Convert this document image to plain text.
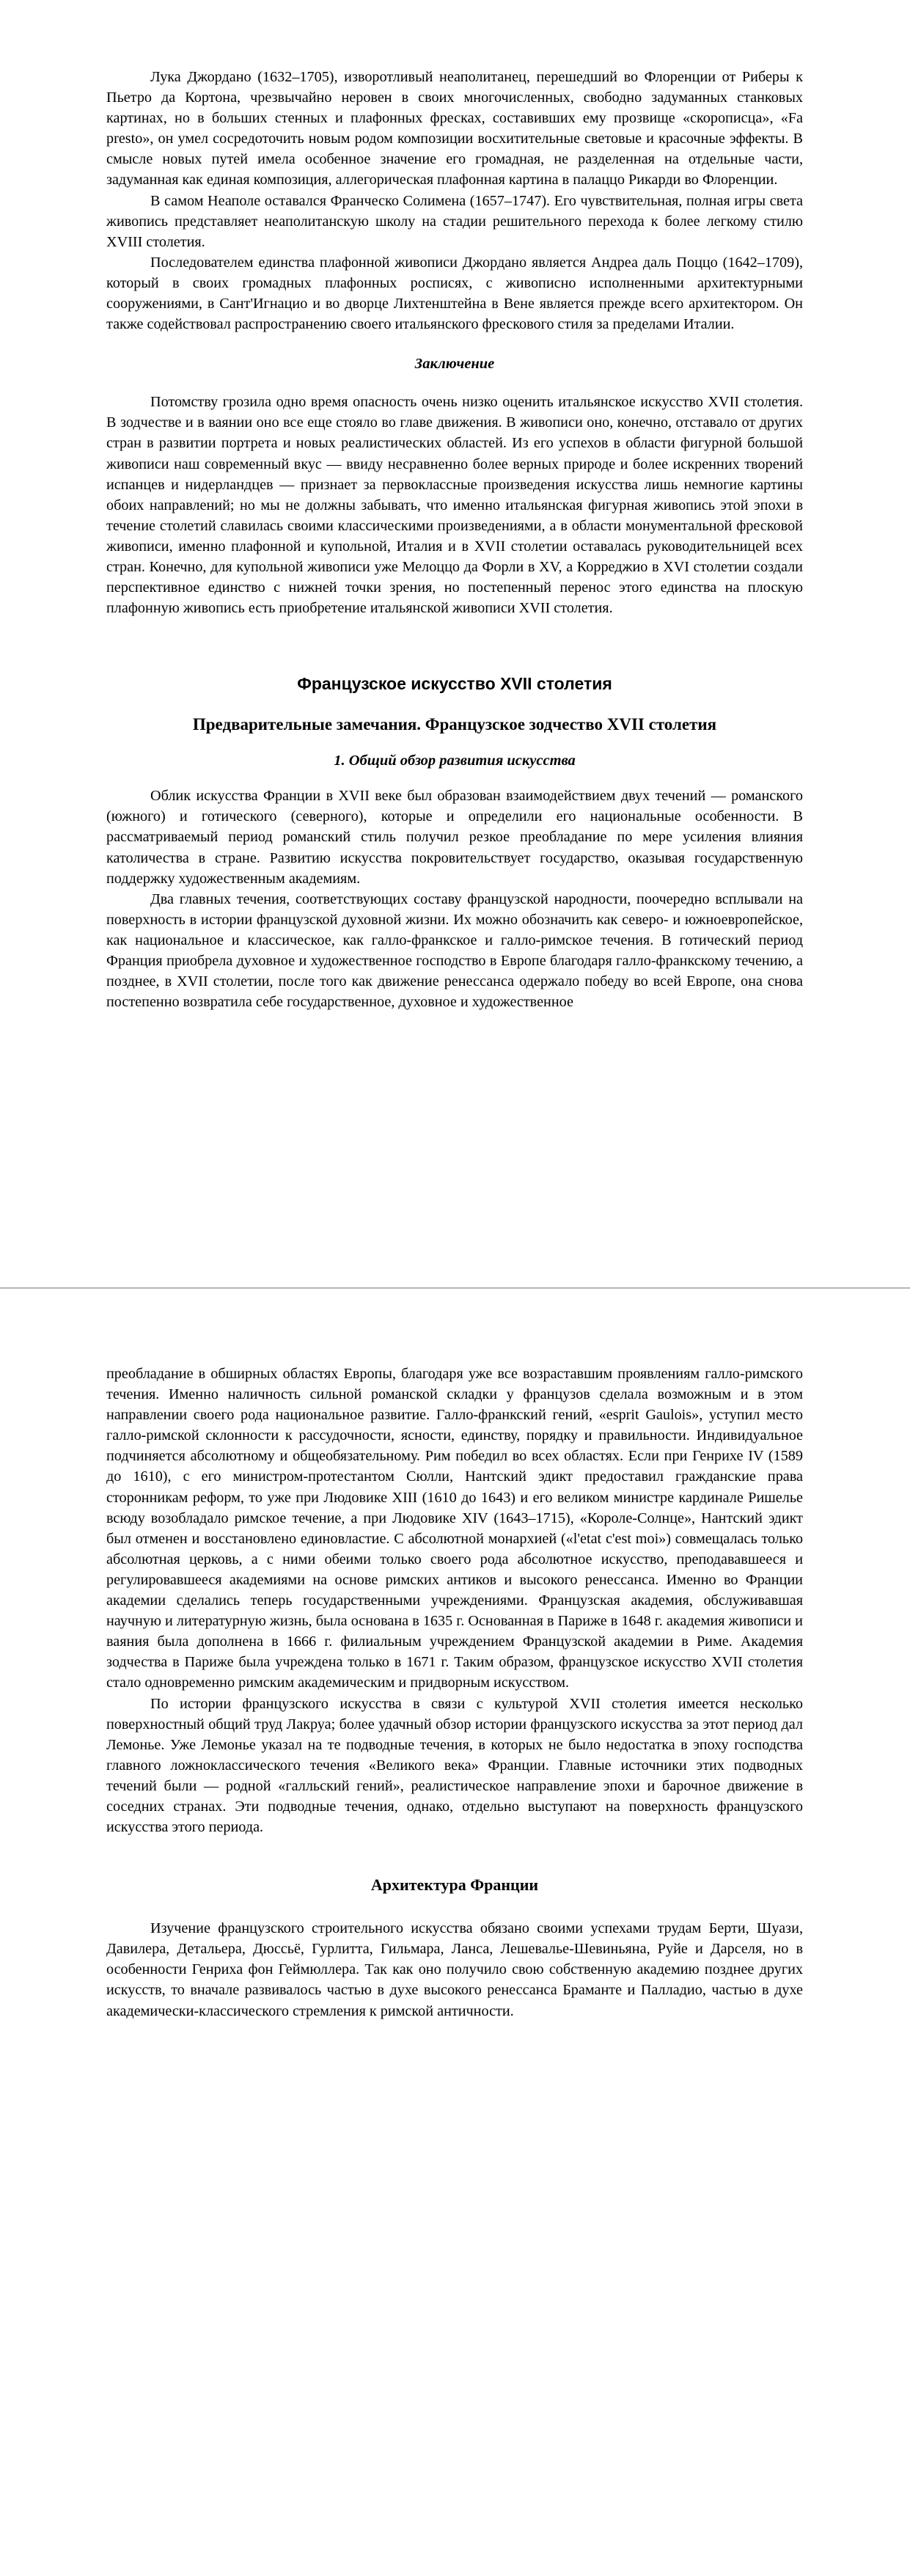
Лука Джордано (1632–1705), изворотливый неаполитанец, перешедший во Флоренции от Риберы к Пьетро да Кортона, чрезвычайно неровен в своих многочисленных, свободно задуманных станковых картинах, но в больших стенных и плафонных фресках, составивших ему прозвище «скорописца», «Fa presto», он умел сосредоточить новым родом композиции восхитительные световые и красочные эффекты. В смысле новых путей имела особенное значение его громадная, не разделенная на отдельные части, задуманная как единая композиция, аллегорическая плафонная картина в палаццо Рикарди во Флоренции.

В самом Неаполе оставался Франческо Солимена (1657–1747). Его чувствительная, полная игры света живопись представляет неаполитанскую школу на стадии решительного перехода к более легкому стилю XVIII столетия.

Последователем единства плафонной живописи Джордано является Андреа даль Поццо (1642–1709), который в своих громадных плафонных росписях, с живописно исполненными архитектурными сооружениями, в Сант'Игнацио и во дворце Лихтенштейна в Вене является прежде всего архитектором. Он также содействовал распространению своего итальянского фрескового стиля за пределами Италии.

Заключение

Потомству грозила одно время опасность очень низко оценить итальянское искусство XVII столетия. В зодчестве и в ваянии оно все еще стояло во главе движения. В живописи оно, конечно, отставало от других стран в развитии портрета и новых реалистических областей. Из его успехов в области фигурной большой живописи наш современный вкус — ввиду несравненно более верных природе и более искренних творений испанцев и нидерландцев — признает за первоклассные произведения искусства лишь немногие картины обоих направлений; но мы не должны забывать, что именно итальянская фигурная живопись этой эпохи в течение столетий славилась своими классическими произведениями, а в области монументальной фресковой живописи, именно плафонной и купольной, Италия и в XVII столетии оставалась руководительницей всех стран. Конечно, для купольной живописи уже Мелоццо да Форли в XV, а Корреджио в XVI столетии создали перспективное единство с нижней точки зрения, но постепенный перенос этого единства на плоскую плафонную живопись есть приобретение итальянской живописи XVII столетия.

Французское искусство XVII столетия
Предварительные замечания. Французское зодчество XVII столетия
1. Общий обзор развития искусства

Облик искусства Франции в XVII веке был образован взаимодействием двух течений — романского (южного) и готического (северного), которые и определили его национальные особенности. В рассматриваемый период романский стиль получил резкое преобладание по мере усиления влияния католичества в стране. Развитию искусства покровительствует государство, оказывая государственную поддержку художественным академиям.

Два главных течения, соответствующих составу французской народности, поочередно всплывали на поверхность в истории французской духовной жизни. Их можно обозначить как северо- и южноевропейское, как национальное и классическое, как галло-франкское и галло-римское течения. В готический период Франция приобрела духовное и художественное господство в Европе благодаря галло-франкскому течению, а позднее, в XVII столетии, после того как движение ренессанса одержало победу во всей Европе, она снова постепенно возвратила себе государственное, духовное и художественное

преобладание в обширных областях Европы, благодаря уже все возраставшим проявлениям галло-римского течения. Именно наличность сильной романской складки у французов сделала возможным и в этом направлении своего рода национальное развитие. Галло-франкский гений, «esprit Gaulois», уступил место галло-римской склонности к рассудочности, ясности, единству, порядку и правильности. Индивидуальное подчиняется абсолютному и общеобязательному. Рим победил во всех областях. Если при Генрихе IV (1589 до 1610), с его министром-протестантом Сюлли, Нантский эдикт предоставил гражданские права сторонникам реформ, то уже при Людовике XIII (1610 до 1643) и его великом министре кардинале Ришелье всюду возобладало римское течение, а при Людовике XIV (1643–1715), «Короле-Солнце», Нантский эдикт был отменен и восстановлено единовластие. С абсолютной монархией («l'etat c'est moi») совмещалась только абсолютная церковь, а с ними обеими только своего рода абсолютное искусство, преподававшееся и регулировавшееся академиями на основе римских антиков и высокого ренессанса. Именно во Франции академии сделались теперь государственными учреждениями. Французская академия, обслуживавшая научную и литературную жизнь, была основана в 1635 г. Основанная в Париже в 1648 г. академия живописи и ваяния была дополнена в 1666 г. филиальным учреждением Французской академии в Риме. Академия зодчества в Париже была учреждена только в 1671 г. Таким образом, французское искусство XVII столетия стало одновременно римским академическим и придворным искусством.

По истории французского искусства в связи с культурой XVII столетия имеется несколько поверхностный общий труд Лакруа; более удачный обзор истории французского искусства за этот период дал Лемонье. Уже Лемонье указал на те подводные течения, в которых не было недостатка в эпоху господства главного ложноклассического течения «Великого века» Франции. Главные источники этих подводных течений были — родной «галльский гений», реалистическое направление эпохи и барочное движение в соседних странах. Эти подводные течения, однако, отдельно выступают на поверхность французского искусства этого периода.

Архитектура Франции

Изучение французского строительного искусства обязано своими успехами трудам Берти, Шуази, Давилера, Детальера, Дюссьё, Гурлитта, Гильмара, Ланса, Лешевалье-Шевиньяна, Руйе и Дарселя, но в особенности Генриха фон Геймюллера. Так как оно получило свою собственную академию позднее других искусств, то вначале развивалось частью в духе высокого ренессанса Браманте и Палладио, частью в духе академически-классического стремления к римской античности.
